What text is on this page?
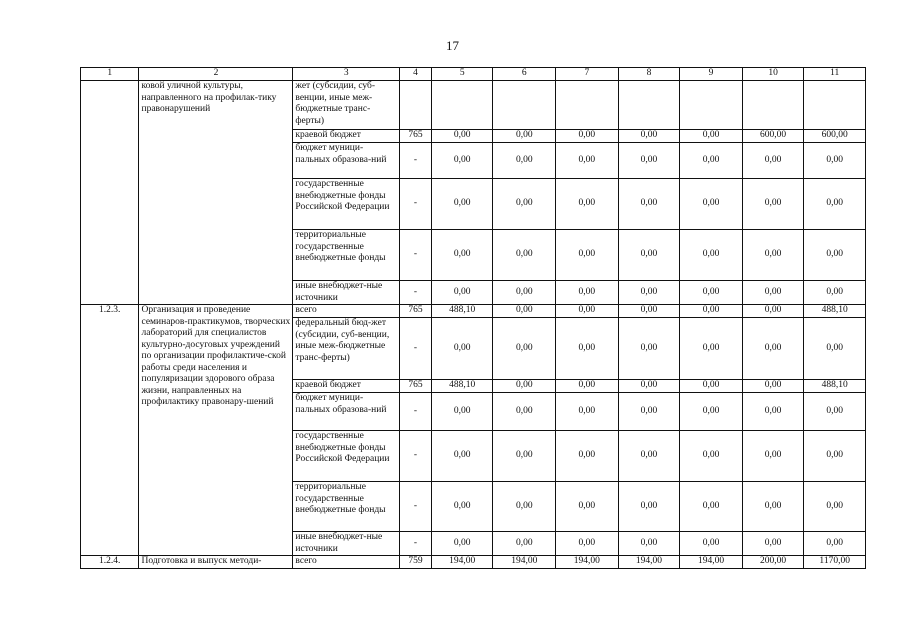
17
1	2	3	4	5	6	7	8	9	10	11
	ковой уличной культуры, направленного на профилак-тику правонарушений	жет (субсидии, суб-венции, иные меж-бюджетные транс-ферты)								
		краевой бюджет	765	0,00	0,00	0,00	0,00	0,00	600,00	600,00
		бюджет муници-пальных образова-ний	-	0,00	0,00	0,00	0,00	0,00	0,00	0,00
		государственные внебюджетные фонды Российской Федерации	-	0,00	0,00	0,00	0,00	0,00	0,00	0,00
		территориальные государственные внебюджетные фонды	-	0,00	0,00	0,00	0,00	0,00	0,00	0,00
		иные внебюджет-ные источники	-	0,00	0,00	0,00	0,00	0,00	0,00	0,00
1.2.3.	Организация и проведение семинаров-практикумов, творческих лабораторий для специалистов культурно-досуговых учреждений по организации профилактиче-ской работы среди населения и популяризации здорового образа жизни, направленных на профилактику правонару-шений	всего	765	488,10	0,00	0,00	0,00	0,00	0,00	488,10
		федеральный бюд-жет (субсидии, суб-венции, иные меж-бюджетные транс-ферты)	-	0,00	0,00	0,00	0,00	0,00	0,00	0,00
		краевой бюджет	765	488,10	0,00	0,00	0,00	0,00	0,00	488,10
		бюджет муници-пальных образова-ний	-	0,00	0,00	0,00	0,00	0,00	0,00	0,00
		государственные внебюджетные фонды Российской Федерации	-	0,00	0,00	0,00	0,00	0,00	0,00	0,00
		территориальные государственные внебюджетные фонды	-	0,00	0,00	0,00	0,00	0,00	0,00	0,00
		иные внебюджет-ные источники	-	0,00	0,00	0,00	0,00	0,00	0,00	0,00
1.2.4.	Подготовка и выпуск методи-	всего	759	194,00	194,00	194,00	194,00	194,00	200,00	1170,00
